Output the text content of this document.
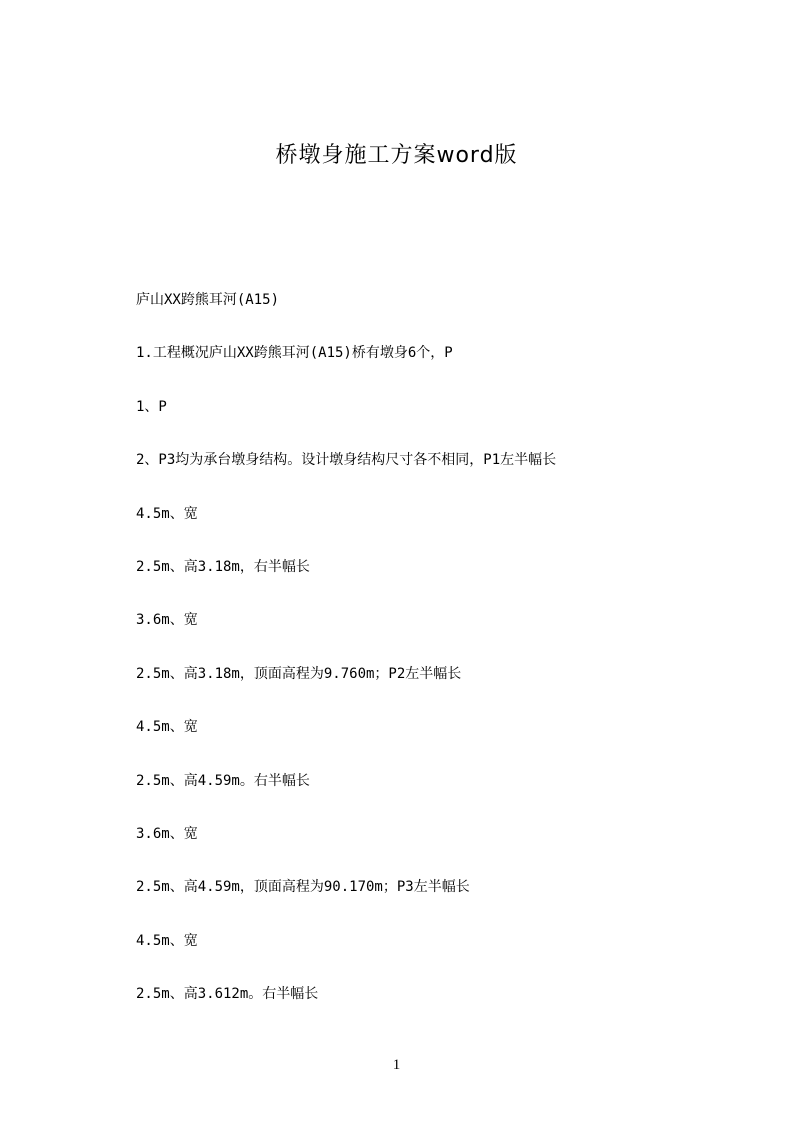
桥墩身施工方案word版
庐山XX跨熊耳河(A15)
1.工程概况庐山XX跨熊耳河(A15)桥有墩身6个，P
1、P
2、P3均为承台墩身结构。设计墩身结构尺寸各不相同，P1左半幅长
4.5m、宽
2.5m、高3.18m，右半幅长
3.6m、宽
2.5m、高3.18m，顶面高程为9.760m；P2左半幅长
4.5m、宽
2.5m、高4.59m。右半幅长
3.6m、宽
2.5m、高4.59m，顶面高程为90.170m；P3左半幅长
4.5m、宽
2.5m、高3.612m。右半幅长
1
